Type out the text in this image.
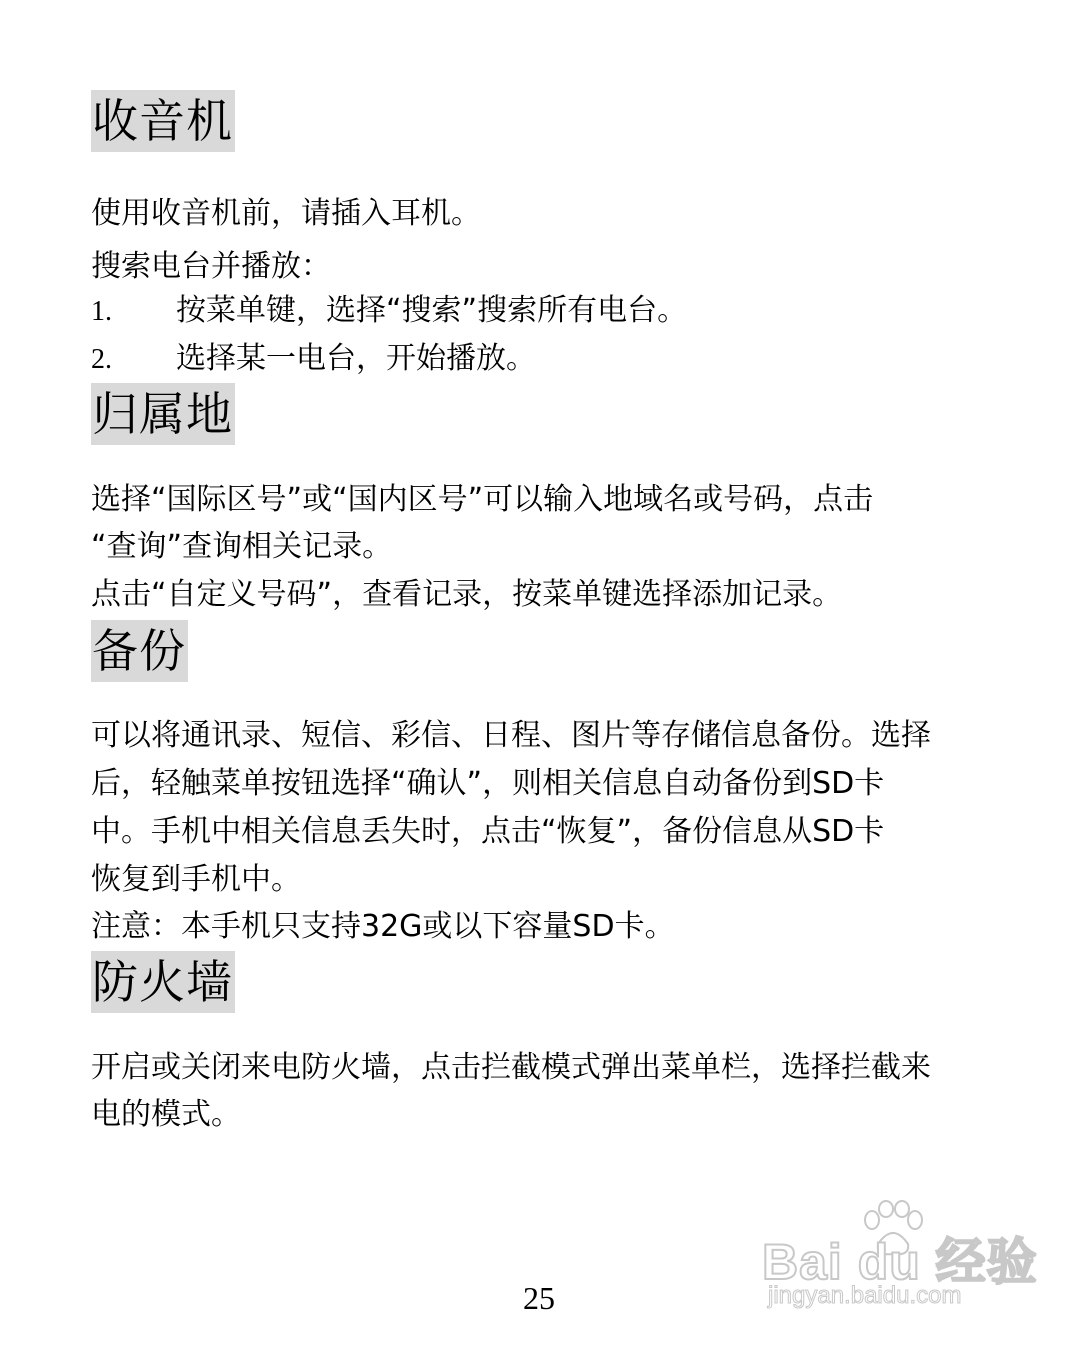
收音机
使用收音机前，请插入耳机。
搜索电台并播放：
1. 按菜单键，选择“搜索”搜索所有电台。
2. 选择某一电台，开始播放。
归属地
选择“国际区号”或“国内区号”可以输入地域名或号码，点击
“查询”查询相关记录。
点击“自定义号码”，查看记录，按菜单键选择添加记录。
备份
可以将通讯录、短信、彩信、日程、图片等存储信息备份。选择
后，轻触菜单按钮选择“确认”，则相关信息自动备份到SD卡
中。手机中相关信息丢失时，点击“恢复”，备份信息从SD卡
恢复到手机中。
注意：本手机只支持32G或以下容量SD卡。
防火墙
开启或关闭来电防火墙，点击拦截模式弹出菜单栏，选择拦截来
电的模式。
25
Bai du 经验
jingyan.baidu.com
